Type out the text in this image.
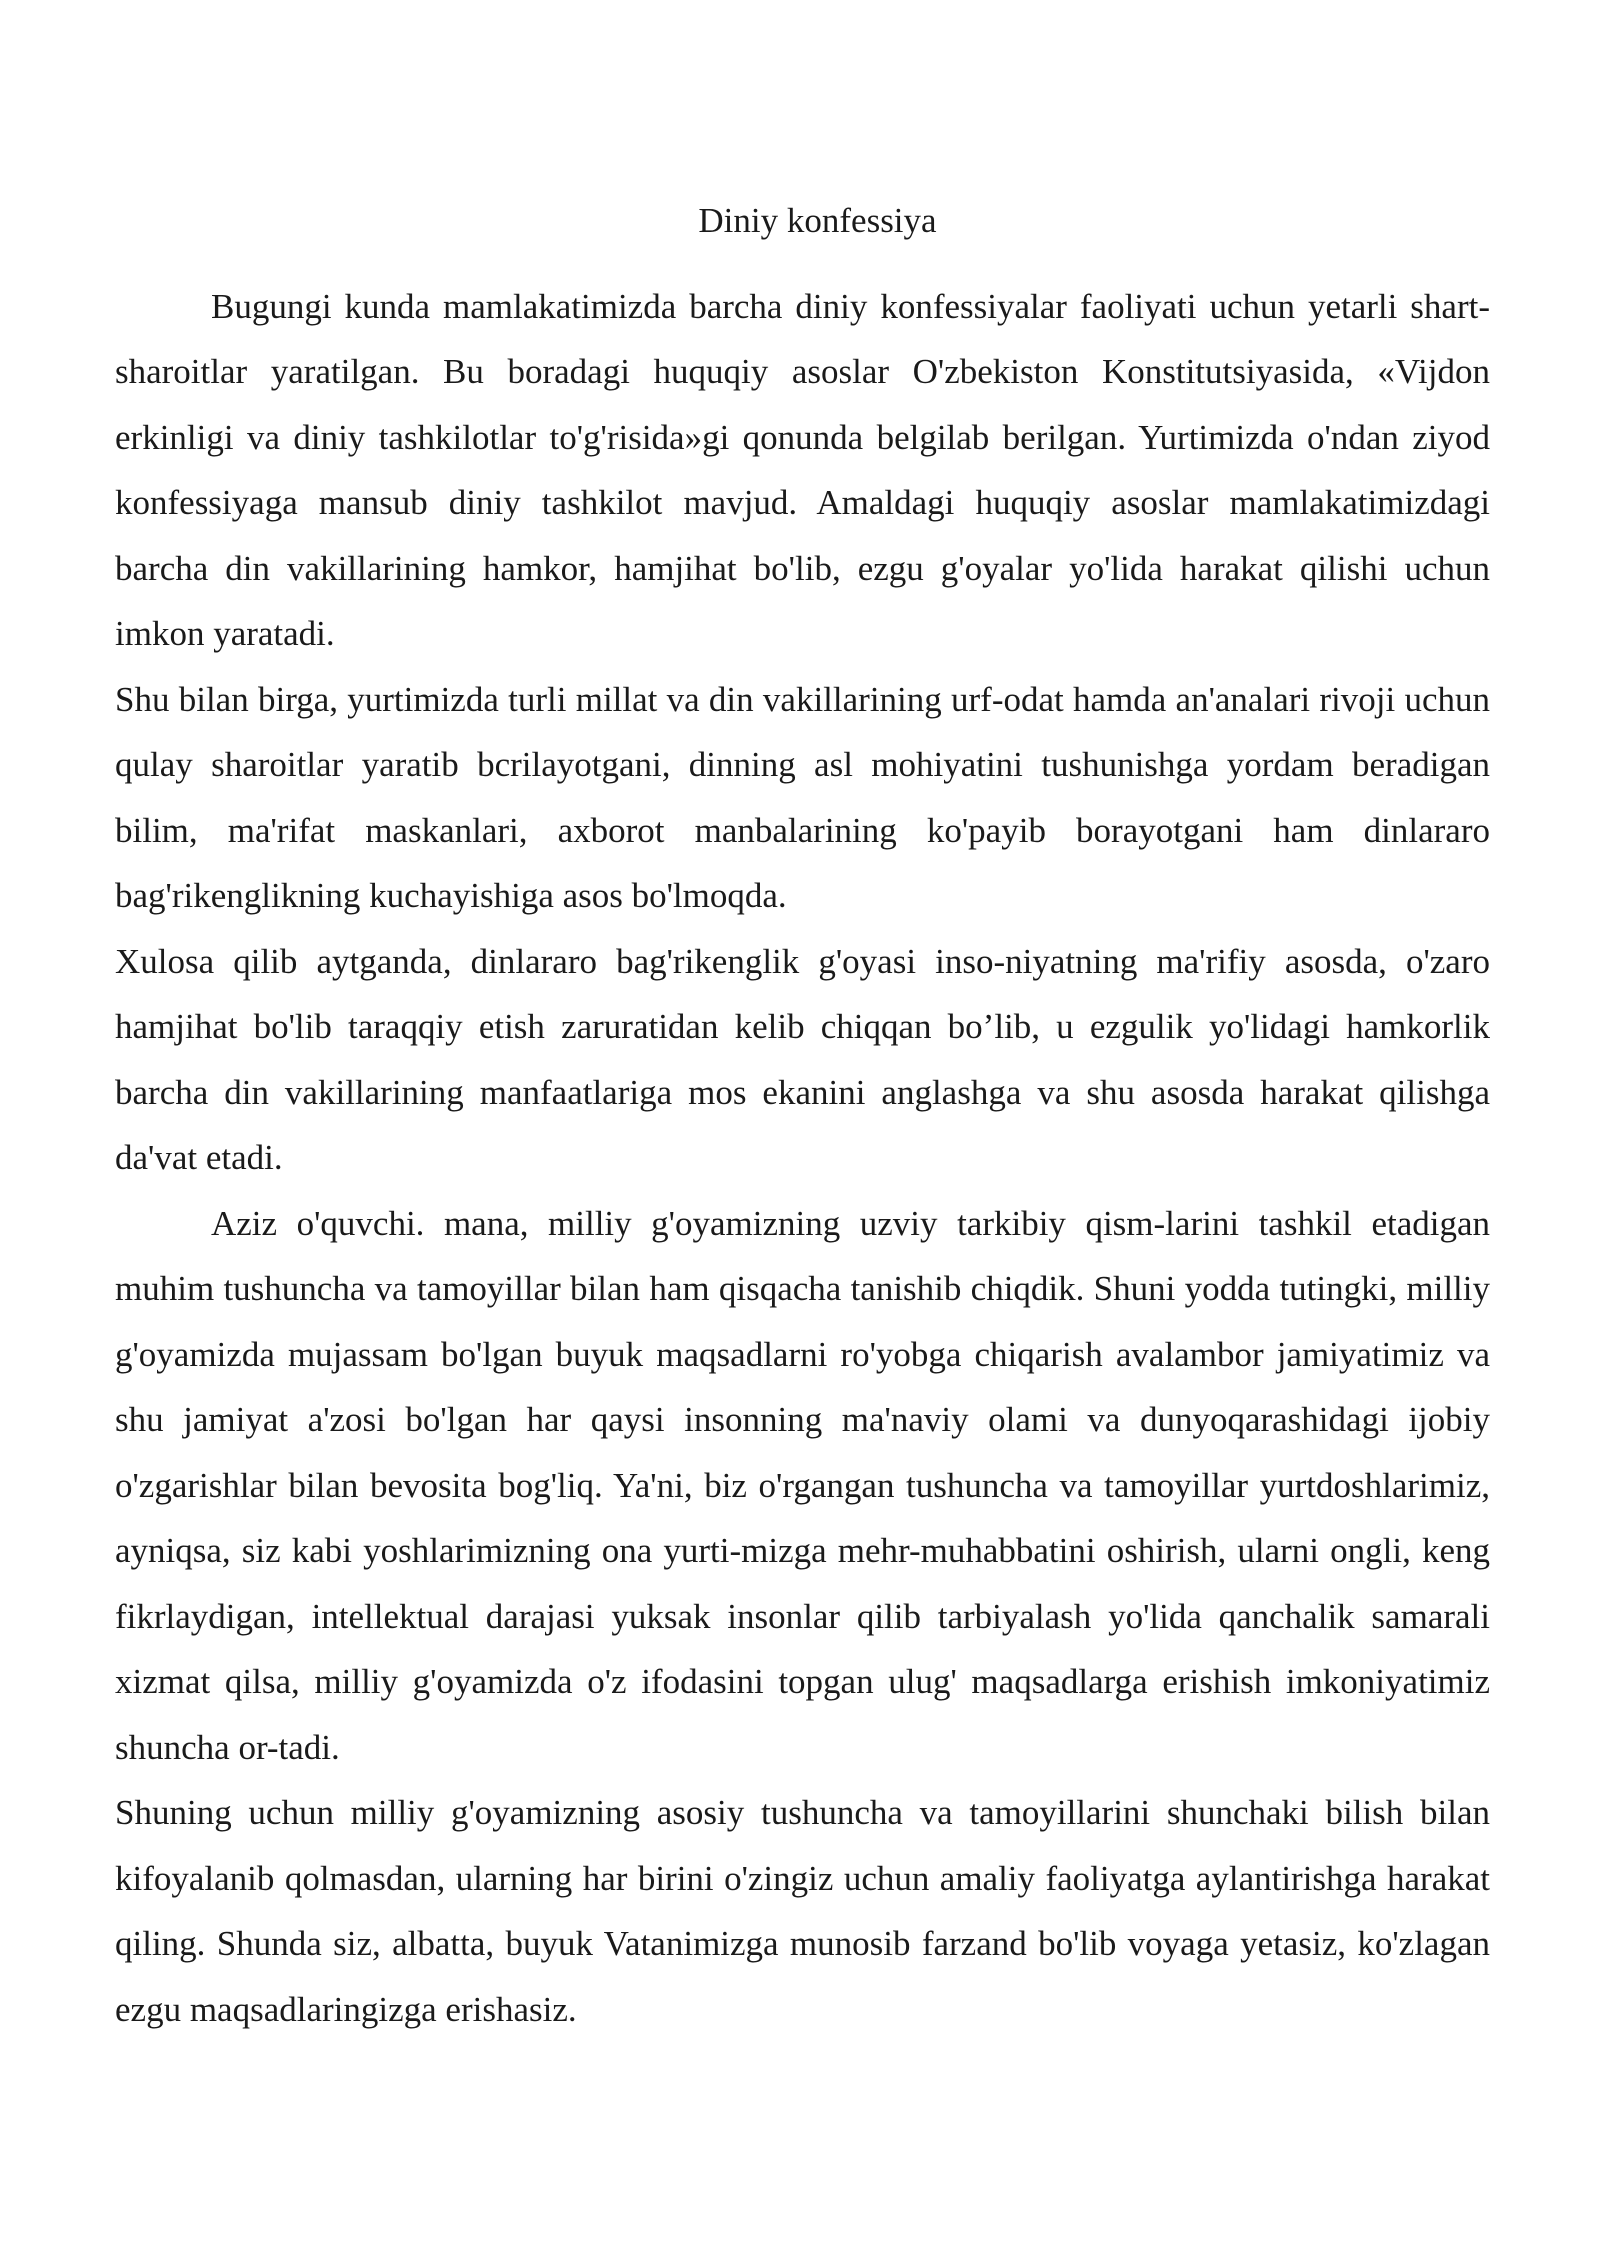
Diniy konfessiya

Bugungi kunda mamlakatimizda barcha diniy konfessiyalar faoliyati uchun yetarli shart-sharoitlar yaratilgan. Bu boradagi huquqiy asoslar O'zbekiston Konstitutsiyasida, «Vijdon erkinligi va diniy tashkilotlar to'g'risida»gi qonunda belgilab berilgan. Yurtimizda o'ndan ziyod konfessiyaga mansub diniy tashkilot mavjud. Amaldagi huquqiy asoslar mamlakatimizdagi barcha din vakillarining hamkor, hamjihat bo'lib, ezgu g'oyalar yo'lida harakat qilishi uchun imkon yaratadi.

Shu bilan birga, yurtimizda turli millat va din vakillarining urf-odat hamda an'analari rivoji uchun qulay sharoitlar yaratib bcrilayotgani, dinning asl mohiyatini tushunishga yordam beradigan bilim, ma'rifat maskanlari, axborot manbalarining ko'payib borayotgani ham dinlararo bag'rikenglikning kuchayishiga asos bo'lmoqda.

Xulosa qilib aytganda, dinlararo bag'rikenglik g'oyasi inso-niyatning ma'rifiy asosda, o'zaro hamjihat bo'lib taraqqiy etish zaruratidan kelib chiqqan bo’lib, u ezgulik yo'lidagi hamkorlik barcha din vakillarining manfaatlariga mos ekanini anglashga va shu asosda harakat qilishga da'vat etadi.

Aziz o'quvchi. mana, milliy g'oyamizning uzviy tarkibiy qism-larini tashkil etadigan muhim tushuncha va tamoyillar bilan ham qisqacha tanishib chiqdik. Shuni yodda tutingki, milliy g'oyamizda mujassam bo'lgan buyuk maqsadlarni ro'yobga chiqarish avalambor jamiyatimiz va shu jamiyat a'zosi bo'lgan har qaysi insonning ma'naviy olami va dunyoqarashidagi ijobiy o'zgarishlar bilan bevosita bog'liq. Ya'ni, biz o'rgangan tushuncha va tamoyillar yurtdoshlarimiz, ayniqsa, siz kabi yoshlarimizning ona yurti-mizga mehr-muhabbatini oshirish, ularni ongli, keng fikrlaydigan, intellektual darajasi yuksak insonlar qilib tarbiyalash yo'lida qanchalik samarali xizmat qilsa, milliy g'oyamizda o'z ifodasini topgan ulug' maqsadlarga erishish imkoniyatimiz shuncha or-tadi.

Shuning uchun milliy g'oyamizning asosiy tushuncha va tamoyillarini shunchaki bilish bilan kifoyalanib qolmasdan, ularning har birini o'zingiz uchun amaliy faoliyatga aylantirishga harakat qiling. Shunda siz, albatta, buyuk Vatanimizga munosib farzand bo'lib voyaga yetasiz, ko'zlagan ezgu maqsadlaringizga erishasiz.
